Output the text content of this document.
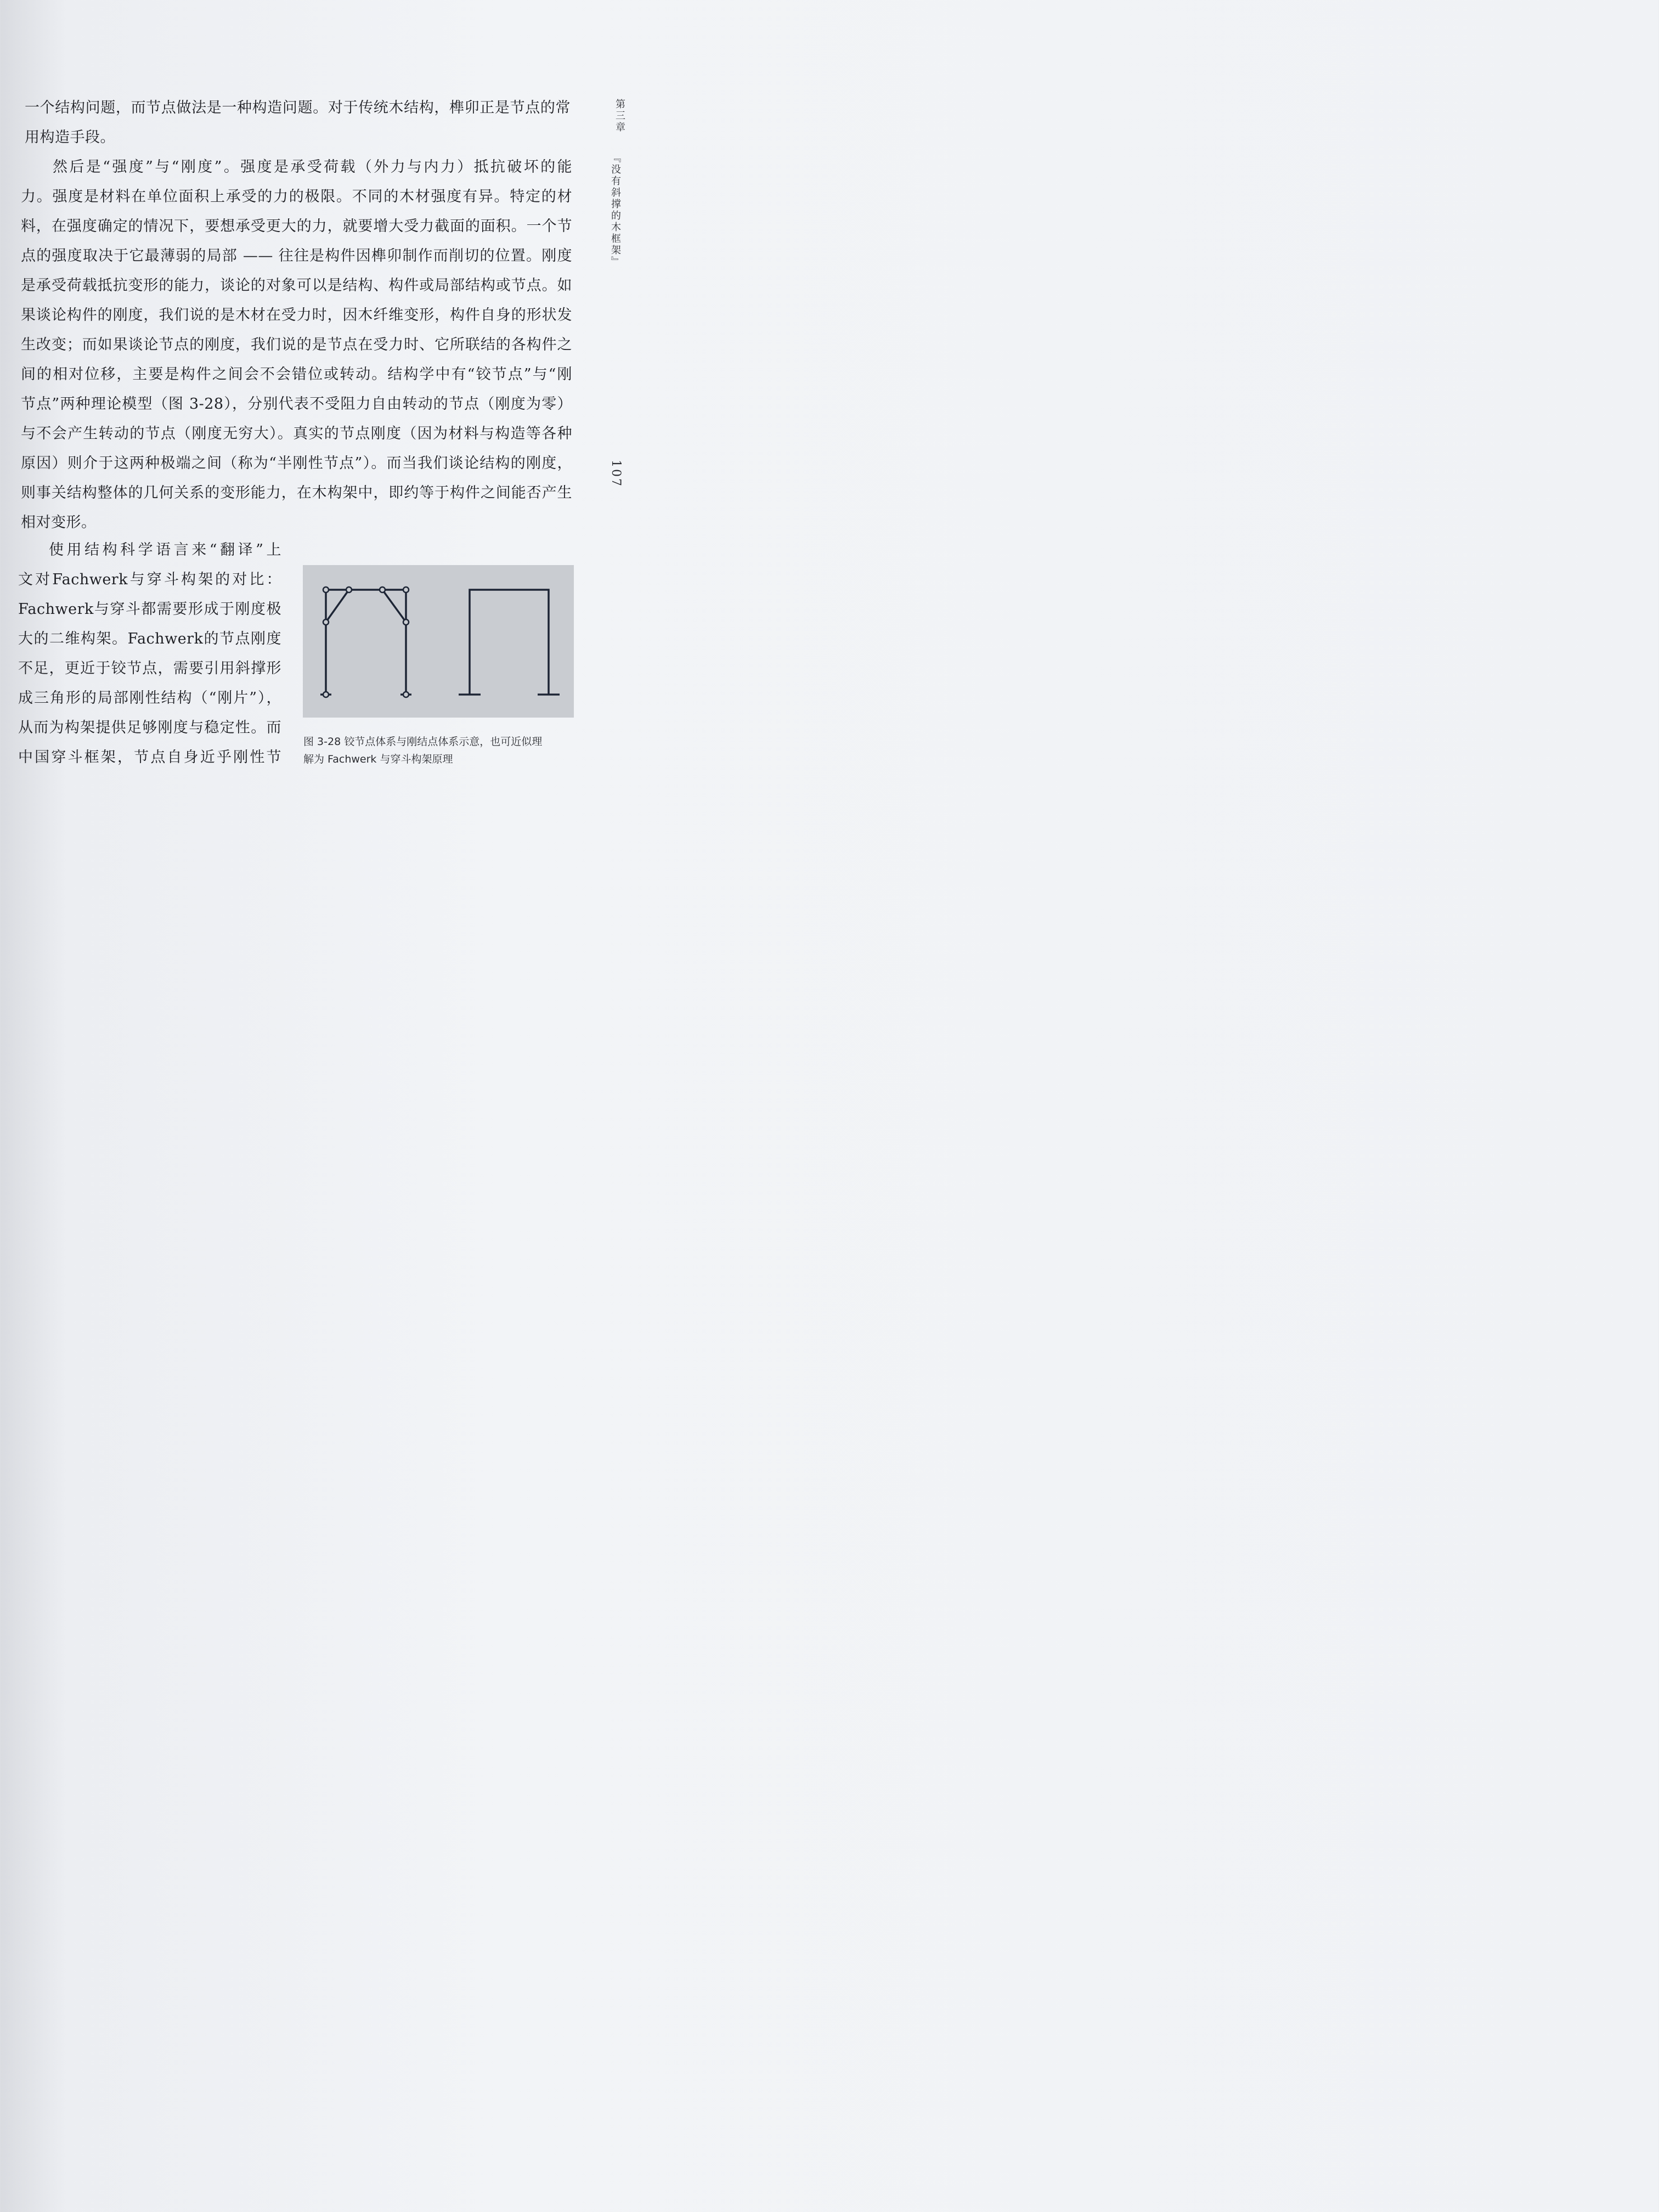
第三章
『没有斜撑的木框架』
107
一个结构问题，而节点做法是一种构造问题。对于传统木结构，榫卯正是节点的常
用构造手段。
然后是“强度”与“刚度”。强度是承受荷载（外力与内力）抵抗破坏的能
力。强度是材料在单位面积上承受的力的极限。不同的木材强度有异。特定的材
料，在强度确定的情况下，要想承受更大的力，就要增大受力截面的面积。一个节
点的强度取决于它最薄弱的局部 —— 往往是构件因榫卯制作而削切的位置。刚度
是承受荷载抵抗变形的能力，谈论的对象可以是结构、构件或局部结构或节点。如
果谈论构件的刚度，我们说的是木材在受力时，因木纤维变形，构件自身的形状发
生改变；而如果谈论节点的刚度，我们说的是节点在受力时、它所联结的各构件之
间的相对位移，主要是构件之间会不会错位或转动。结构学中有“铰节点”与“刚
节点”两种理论模型（图 3-28），分别代表不受阻力自由转动的节点（刚度为零）
与不会产生转动的节点（刚度无穷大）。真实的节点刚度（因为材料与构造等各种
原因）则介于这两种极端之间（称为“半刚性节点”）。而当我们谈论结构的刚度，
则事关结构整体的几何关系的变形能力，在木构架中，即约等于构件之间能否产生
相对变形。
使用结构科学语言来“翻译”上
文对Fachwerk与穿斗构架的对比：
Fachwerk与穿斗都需要形成于刚度极
大的二维构架。Fachwerk的节点刚度
不足，更近于铰节点，需要引用斜撑形
成三角形的局部刚性结构（“刚片”），
从而为构架提供足够刚度与稳定性。而
中国穿斗框架，节点自身近乎刚性节
图 3-28 铰节点体系与刚结点体系示意，也可近似理
解为 Fachwerk 与穿斗构架原理
